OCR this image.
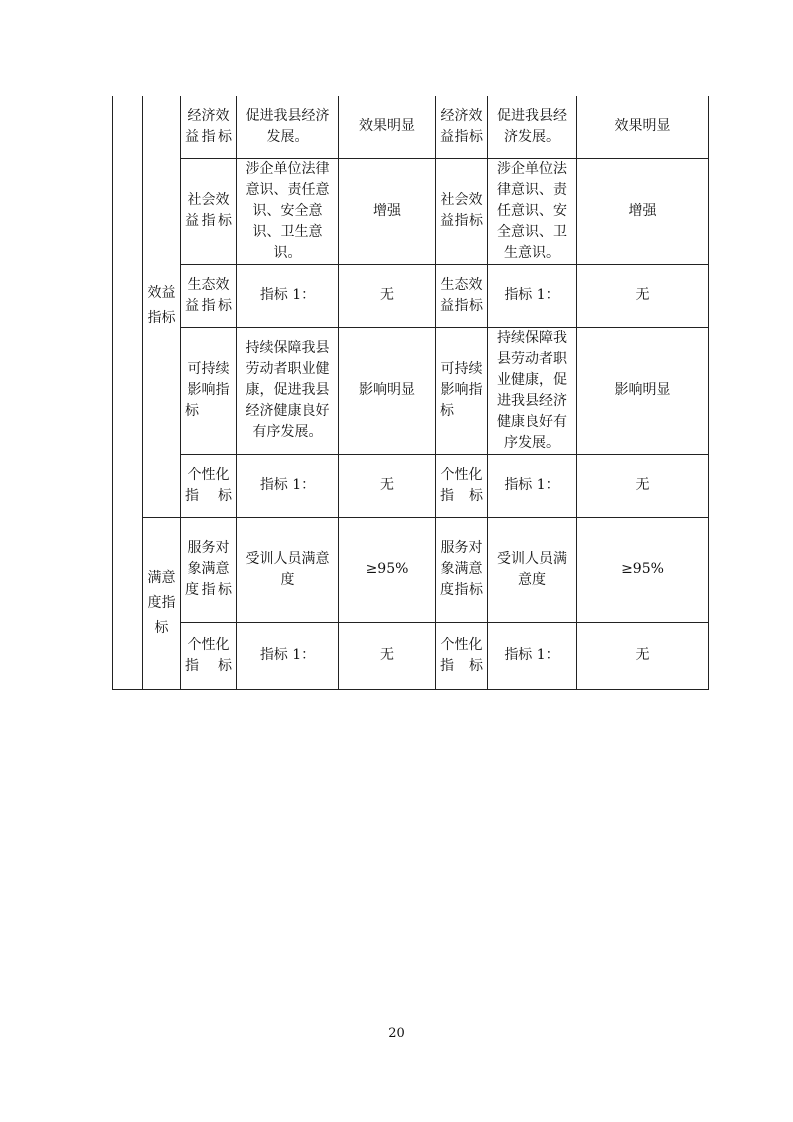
	效益指标	经济效益指标	促进我县经济发展。	效果明显	经济效益指标	促进我县经济发展。	效果明显
		社会效益指标	涉企单位法律意识、责任意识、安全意识、卫生意识。	增强	社会效益指标	涉企单位法律意识、责任意识、安全意识、卫生意识。	增强
		生态效益指标	指标 1：	无	生态效益指标	指标 1：	无
		可持续影响指标	持续保障我县劳动者职业健康，促进我县经济健康良好有序发展。	影响明显	可持续影响指标	持续保障我县劳动者职业健康，促进我县经济健康良好有序发展。	影响明显
		个性化指标	指标 1：	无	个性化指标	指标 1：	无
	满意度指标	服务对象满意度指标	受训人员满意度	≥95%	服务对象满意度指标	受训人员满意度	≥95%
		个性化指标	指标 1：	无	个性化指标	指标 1：	无
20
